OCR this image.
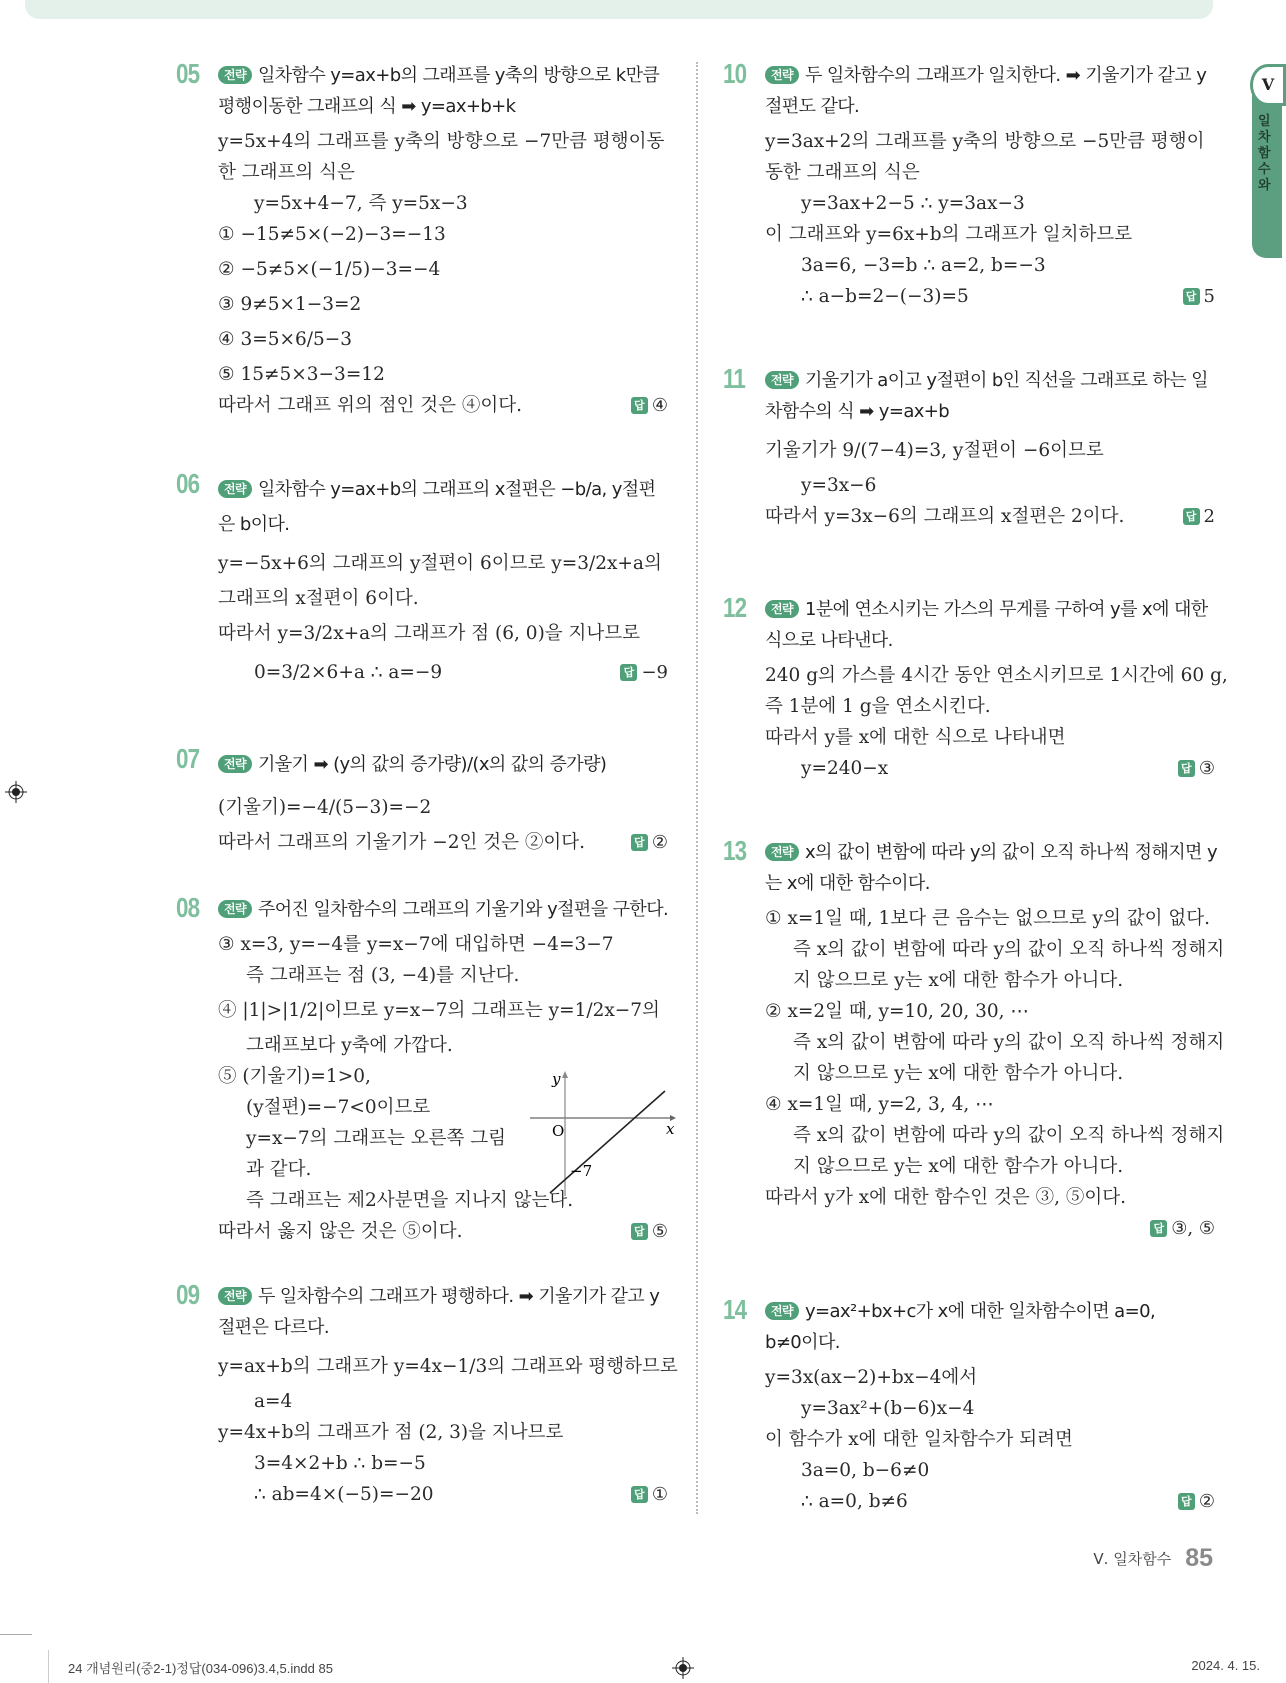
V
일차함수와
05	전략 일차함수 y=ax+b의 그래프를 y축의 방향으로 k만큼
평행이동한 그래프의 식 ➡ y=ax+b+k
y=5x+4의 그래프를 y축의 방향으로 −7만큼 평행이동
한 그래프의 식은
y=5x+4−7, 즉 y=5x−3
① −15≠5×(−2)−3=−13
② −5≠5×(−1/5)−3=−4
③ 9≠5×1−3=2
④ 3=5×6/5−3
⑤ 15≠5×3−3=12
따라서 그래프 위의 점인 것은 ④이다.	답 ④
06	전략 일차함수 y=ax+b의 그래프의 x절편은 −b/a, y절편
은 b이다.
y=−5x+6의 그래프의 y절편이 6이므로 y=3/2x+a의
그래프의 x절편이 6이다.
따라서 y=3/2x+a의 그래프가 점 (6, 0)을 지나므로
0=3/2×6+a ∴ a=−9	답 −9
07	전략 기울기 ➡ (y의 값의 증가량)/(x의 값의 증가량)
(기울기)=−4/(5−3)=−2
따라서 그래프의 기울기가 −2인 것은 ②이다.	답 ②
08	전략 주어진 일차함수의 그래프의 기울기와 y절편을 구한다.
③ x=3, y=−4를 y=x−7에 대입하면 −4=3−7
즉 그래프는 점 (3, −4)를 지난다.
④ |1|>|1/2|이므로 y=x−7의 그래프는 y=1/2x−7의
그래프보다 y축에 가깝다.
⑤ (기울기)=1>0,
(y절편)=−7<0이므로
y=x−7의 그래프는 오른쪽 그림
과 같다.
즉 그래프는 제2사분면을 지나지 않는다.
따라서 옳지 않은 것은 ⑤이다.	답 ⑤
09	전략 두 일차함수의 그래프가 평행하다. ➡ 기울기가 같고 y
절편은 다르다.
y=ax+b의 그래프가 y=4x−1/3의 그래프와 평행하므로
a=4
y=4x+b의 그래프가 점 (2, 3)을 지나므로
3=4×2+b ∴ b=−5
∴ ab=4×(−5)=−20	답 ①
10	전략 두 일차함수의 그래프가 일치한다. ➡ 기울기가 같고 y
절편도 같다.
y=3ax+2의 그래프를 y축의 방향으로 −5만큼 평행이
동한 그래프의 식은
y=3ax+2−5 ∴ y=3ax−3
이 그래프와 y=6x+b의 그래프가 일치하므로
3a=6, −3=b ∴ a=2, b=−3
∴ a−b=2−(−3)=5	답 5
11	전략 기울기가 a이고 y절편이 b인 직선을 그래프로 하는 일
차함수의 식 ➡ y=ax+b
기울기가 9/(7−4)=3, y절편이 −6이므로
y=3x−6
따라서 y=3x−6의 그래프의 x절편은 2이다.	답 2
12	전략 1분에 연소시키는 가스의 무게를 구하여 y를 x에 대한
식으로 나타낸다.
240 g의 가스를 4시간 동안 연소시키므로 1시간에 60 g,
즉 1분에 1 g을 연소시킨다.
따라서 y를 x에 대한 식으로 나타내면
y=240−x	답 ③
13	전략 x의 값이 변함에 따라 y의 값이 오직 하나씩 정해지면 y
는 x에 대한 함수이다.
① x=1일 때, 1보다 큰 음수는 없으므로 y의 값이 없다.
즉 x의 값이 변함에 따라 y의 값이 오직 하나씩 정해지
지 않으므로 y는 x에 대한 함수가 아니다.
② x=2일 때, y=10, 20, 30, ⋯
즉 x의 값이 변함에 따라 y의 값이 오직 하나씩 정해지
지 않으므로 y는 x에 대한 함수가 아니다.
④ x=1일 때, y=2, 3, 4, ⋯
즉 x의 값이 변함에 따라 y의 값이 오직 하나씩 정해지
지 않으므로 y는 x에 대한 함수가 아니다.
따라서 y가 x에 대한 함수인 것은 ③, ⑤이다.
답 ③, ⑤
14	전략 y=ax²+bx+c가 x에 대한 일차함수이면 a=0,
b≠0이다.
y=3x(ax−2)+bx−4에서
y=3ax²+(b−6)x−4
이 함수가 x에 대한 일차함수가 되려면
3a=0, b−6≠0
∴ a=0, b≠6	답 ②
y
x
O
−7
Ⅴ. 일차함수 85
24 개념원리(중2-1)정답(034-096)3.4,5.indd 85	2024. 4. 15.
